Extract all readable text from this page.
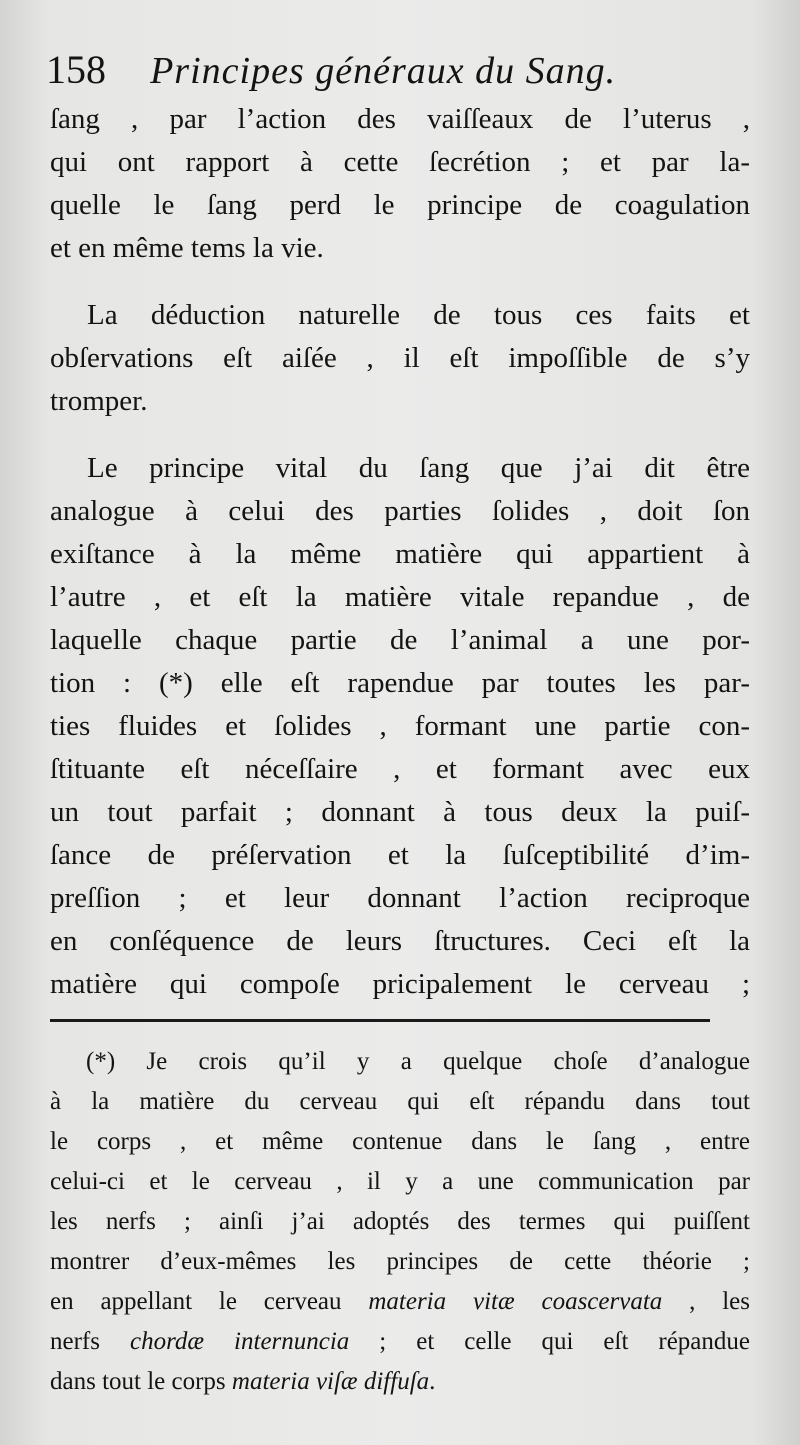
158 Principes généraux du Sang.
ſang , par l’action des vaiſſeaux de l’uterus ,
qui ont rapport à cette ſecrétion ; et par la-
quelle le ſang perd le principe de coagulation
et en même tems la vie.
La déduction naturelle de tous ces faits et
obſervations eſt aiſée , il eſt impoſſible de s’y
tromper.
Le principe vital du ſang que j’ai dit être
analogue à celui des parties ſolides , doit ſon
exiſtance à la même matière qui appartient à
l’autre , et eſt la matière vitale repandue , de
laquelle chaque partie de l’animal a une por-
tion : (*) elle eſt rapendue par toutes les par-
ties fluides et ſolides , formant une partie con-
ſtituante eſt néceſſaire , et formant avec eux
un tout parfait ; donnant à tous deux la puiſ-
ſance de préſervation et la ſuſceptibilité d’im-
preſſion ; et leur donnant l’action reciproque
en conſéquence de leurs ſtructures. Ceci eſt la
matière qui compoſe pricipalement le cerveau ;
(*) Je crois qu’il y a quelque choſe d’analogue
à la matière du cerveau qui eſt répandu dans tout
le corps , et même contenue dans le ſang , entre
celui-ci et le cerveau , il y a une communication par
les nerfs ; ainſi j’ai adoptés des termes qui puiſſent
montrer d’eux-mêmes les principes de cette théorie ;
en appellant le cerveau materia vitæ coascervata , les
nerfs chordæ internuncia ; et celle qui eſt répandue
dans tout le corps materia viſæ diffuſa.
